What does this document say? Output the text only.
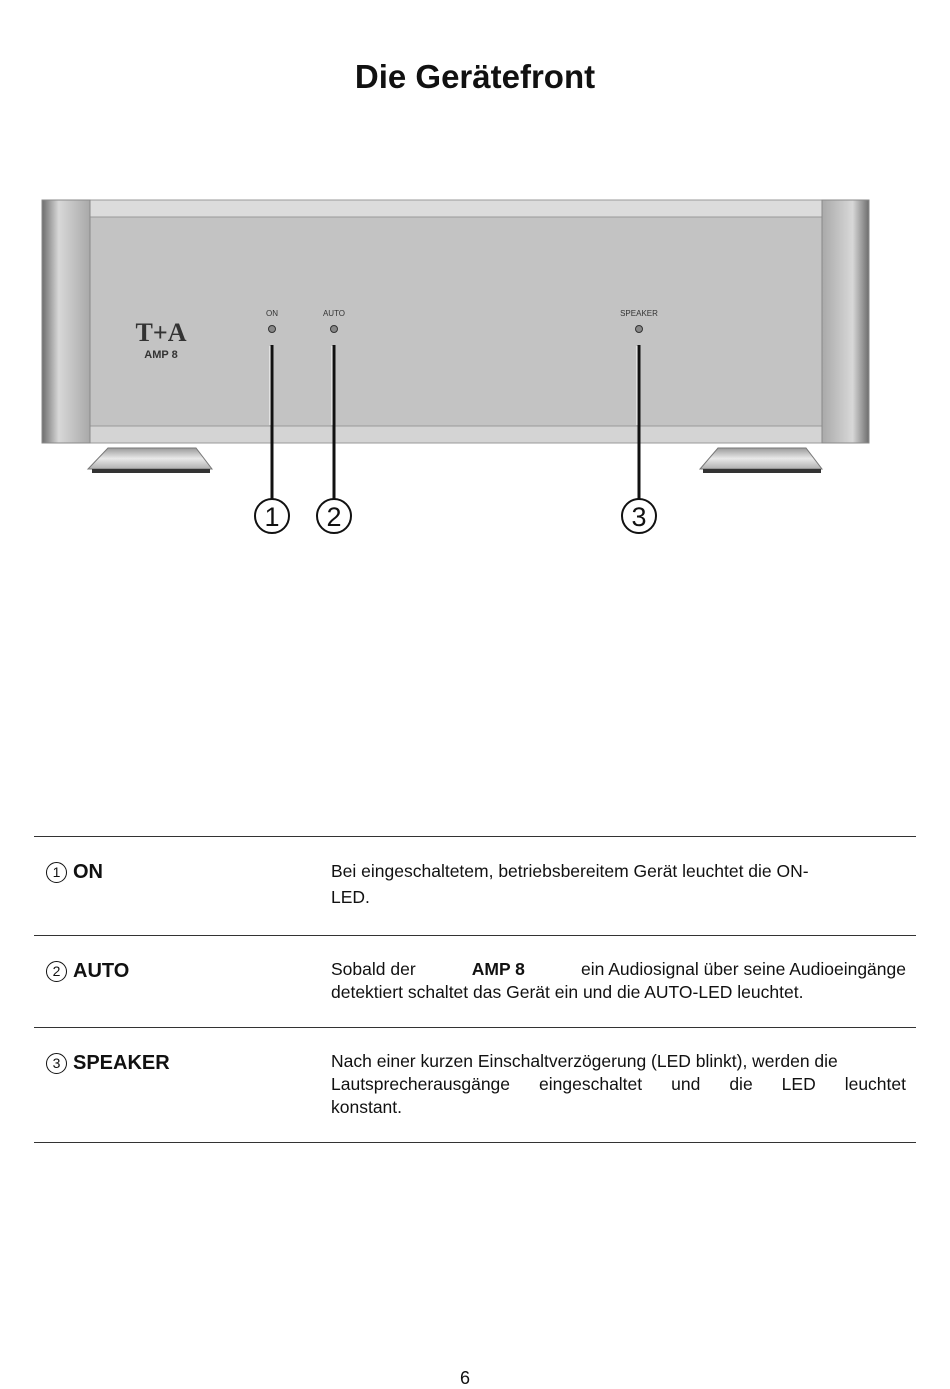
Die Gerätefront
T+A
AMP 8
ON	AUTO	SPEAKER
1 2	3
1 ON	Bei eingeschaltetem, betriebsbereitem Gerät leuchtet die ON-
LED.
2 AUTO	Sobald der	AMP 8	ein Audiosignal über seine Audioeingänge
detektiert schaltet das Gerät ein und die AUTO-LED leuchtet.
3 SPEAKER	Nach einer kurzen Einschaltverzögerung (LED blinkt), werden die
Lautsprecherausgänge eingeschaltet und die LED leuchtet
konstant.
6
